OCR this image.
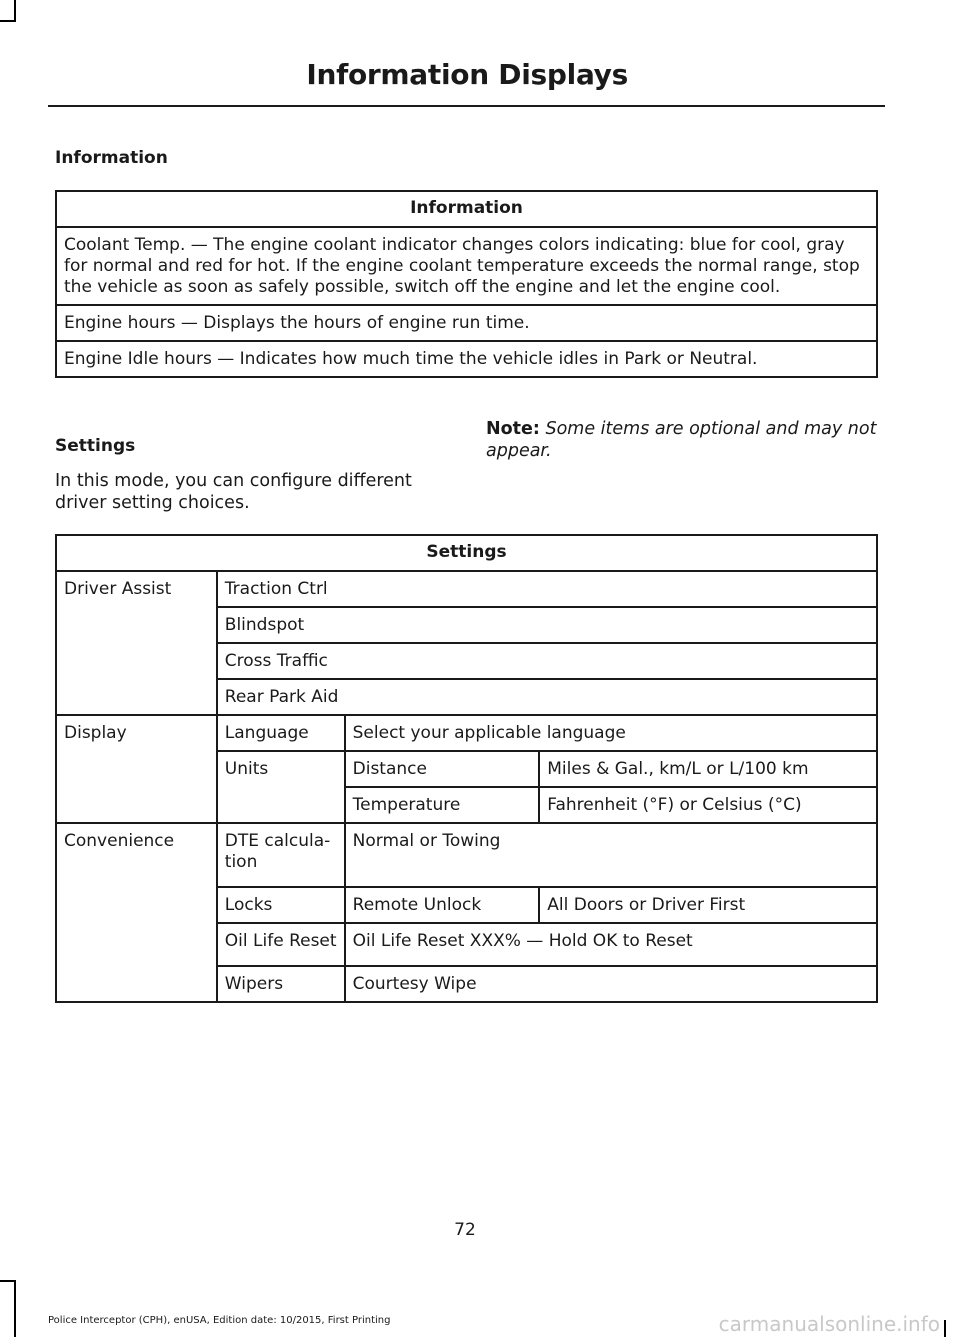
Information Displays
Information
Information
Coolant Temp. — The engine coolant indicator changes colors indicating: blue for cool, gray for normal and red for hot. If the engine coolant temperature exceeds the normal range, stop the vehicle as soon as safely possible, switch off the engine and let the engine cool.
Engine hours — Displays the hours of engine run time.
Engine Idle hours — Indicates how much time the vehicle idles in Park or Neutral.
Settings
In this mode, you can configure different driver setting choices.
Note: Some items are optional and may not appear.
Settings			
Driver Assist	Traction Ctrl		
	Blindspot		
	Cross Traffic		
	Rear Park Aid		
Display	Language	Select your applicable language	
	Units	Distance	Miles & Gal., km/L or L/100 km
		Temperature	Fahrenheit (°F) or Celsius (°C)
Convenience	DTE calcula-tion	Normal or Towing	
	Locks	Remote Unlock	All Doors or Driver First
	Oil Life Reset	Oil Life Reset XXX% — Hold OK to Reset	
	Wipers	Courtesy Wipe	
72
Police Interceptor (CPH), enUSA, Edition date: 10/2015, First Printing	carmanualsonline.info
